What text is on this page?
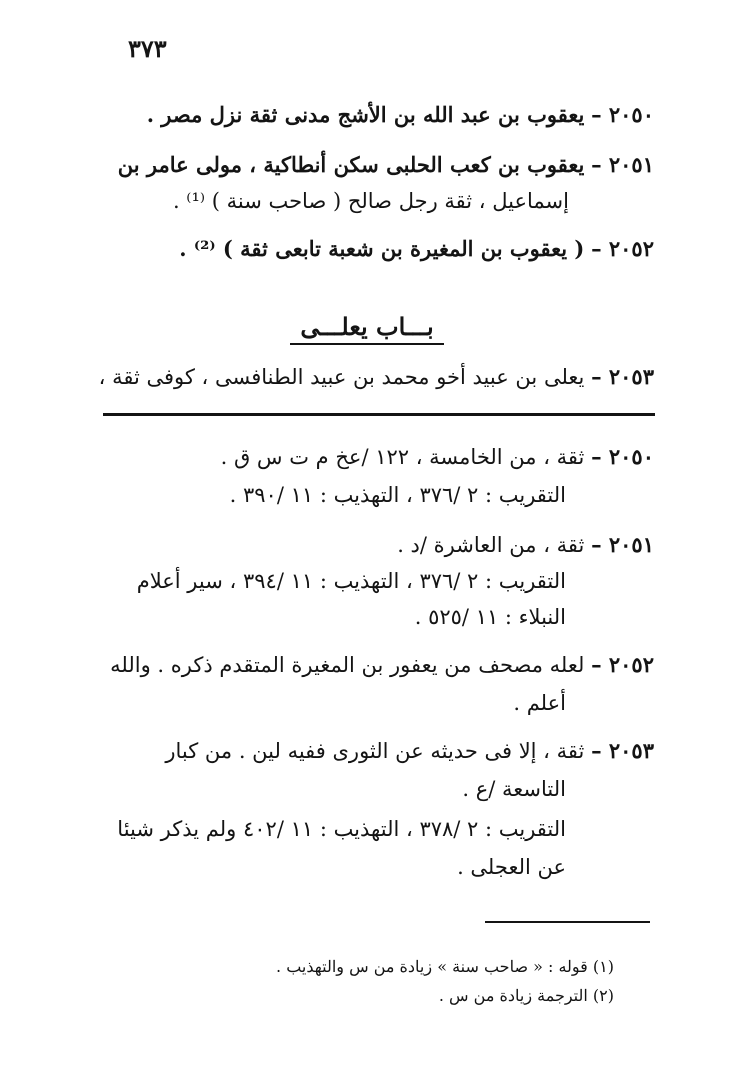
٣٧٣
٢٠٥٠ – يعقوب بن عبد الله بن الأشج مدنى ثقة نزل مصر .
٢٠٥١ – يعقوب بن كعب الحلبى سكن أنطاكية ، مولى عامر بن
إسماعيل ، ثقة رجل صالح ( صاحب سنة ) ⁽¹⁾ .
٢٠٥٢ – ( يعقوب بن المغيرة بن شعبة تابعى ثقة ) ⁽²⁾ .
بـــاب يعلـــى
٢٠٥٣ – يعلى بن عبيد أخو محمد بن عبيد الطنافسى ، كوفى ثقة ،
٢٠٥٠ – ثقة ، من الخامسة ، ١٢٢ /عخ م ت س ق .
التقريب : ٢ /٣٧٦ ، التهذيب : ١١ /٣٩٠ .
٢٠٥١ – ثقة ، من العاشرة /د .
التقريب : ٢ /٣٧٦ ، التهذيب : ١١ /٣٩٤ ، سير أعلام
النبلاء : ١١ /٥٢٥ .
٢٠٥٢ – لعله مصحف من يعفور بن المغيرة المتقدم ذكره . والله
أعلم .
٢٠٥٣ – ثقة ، إلا فى حديثه عن الثورى ففيه لين . من كبار
التاسعة /ع .
التقريب : ٢ /٣٧٨ ، التهذيب : ١١ /٤٠٢ ولم يذكر شيئا
عن العجلى .
(١) قوله : « صاحب سنة » زيادة من س والتهذيب .
(٢) الترجمة زيادة من س .
